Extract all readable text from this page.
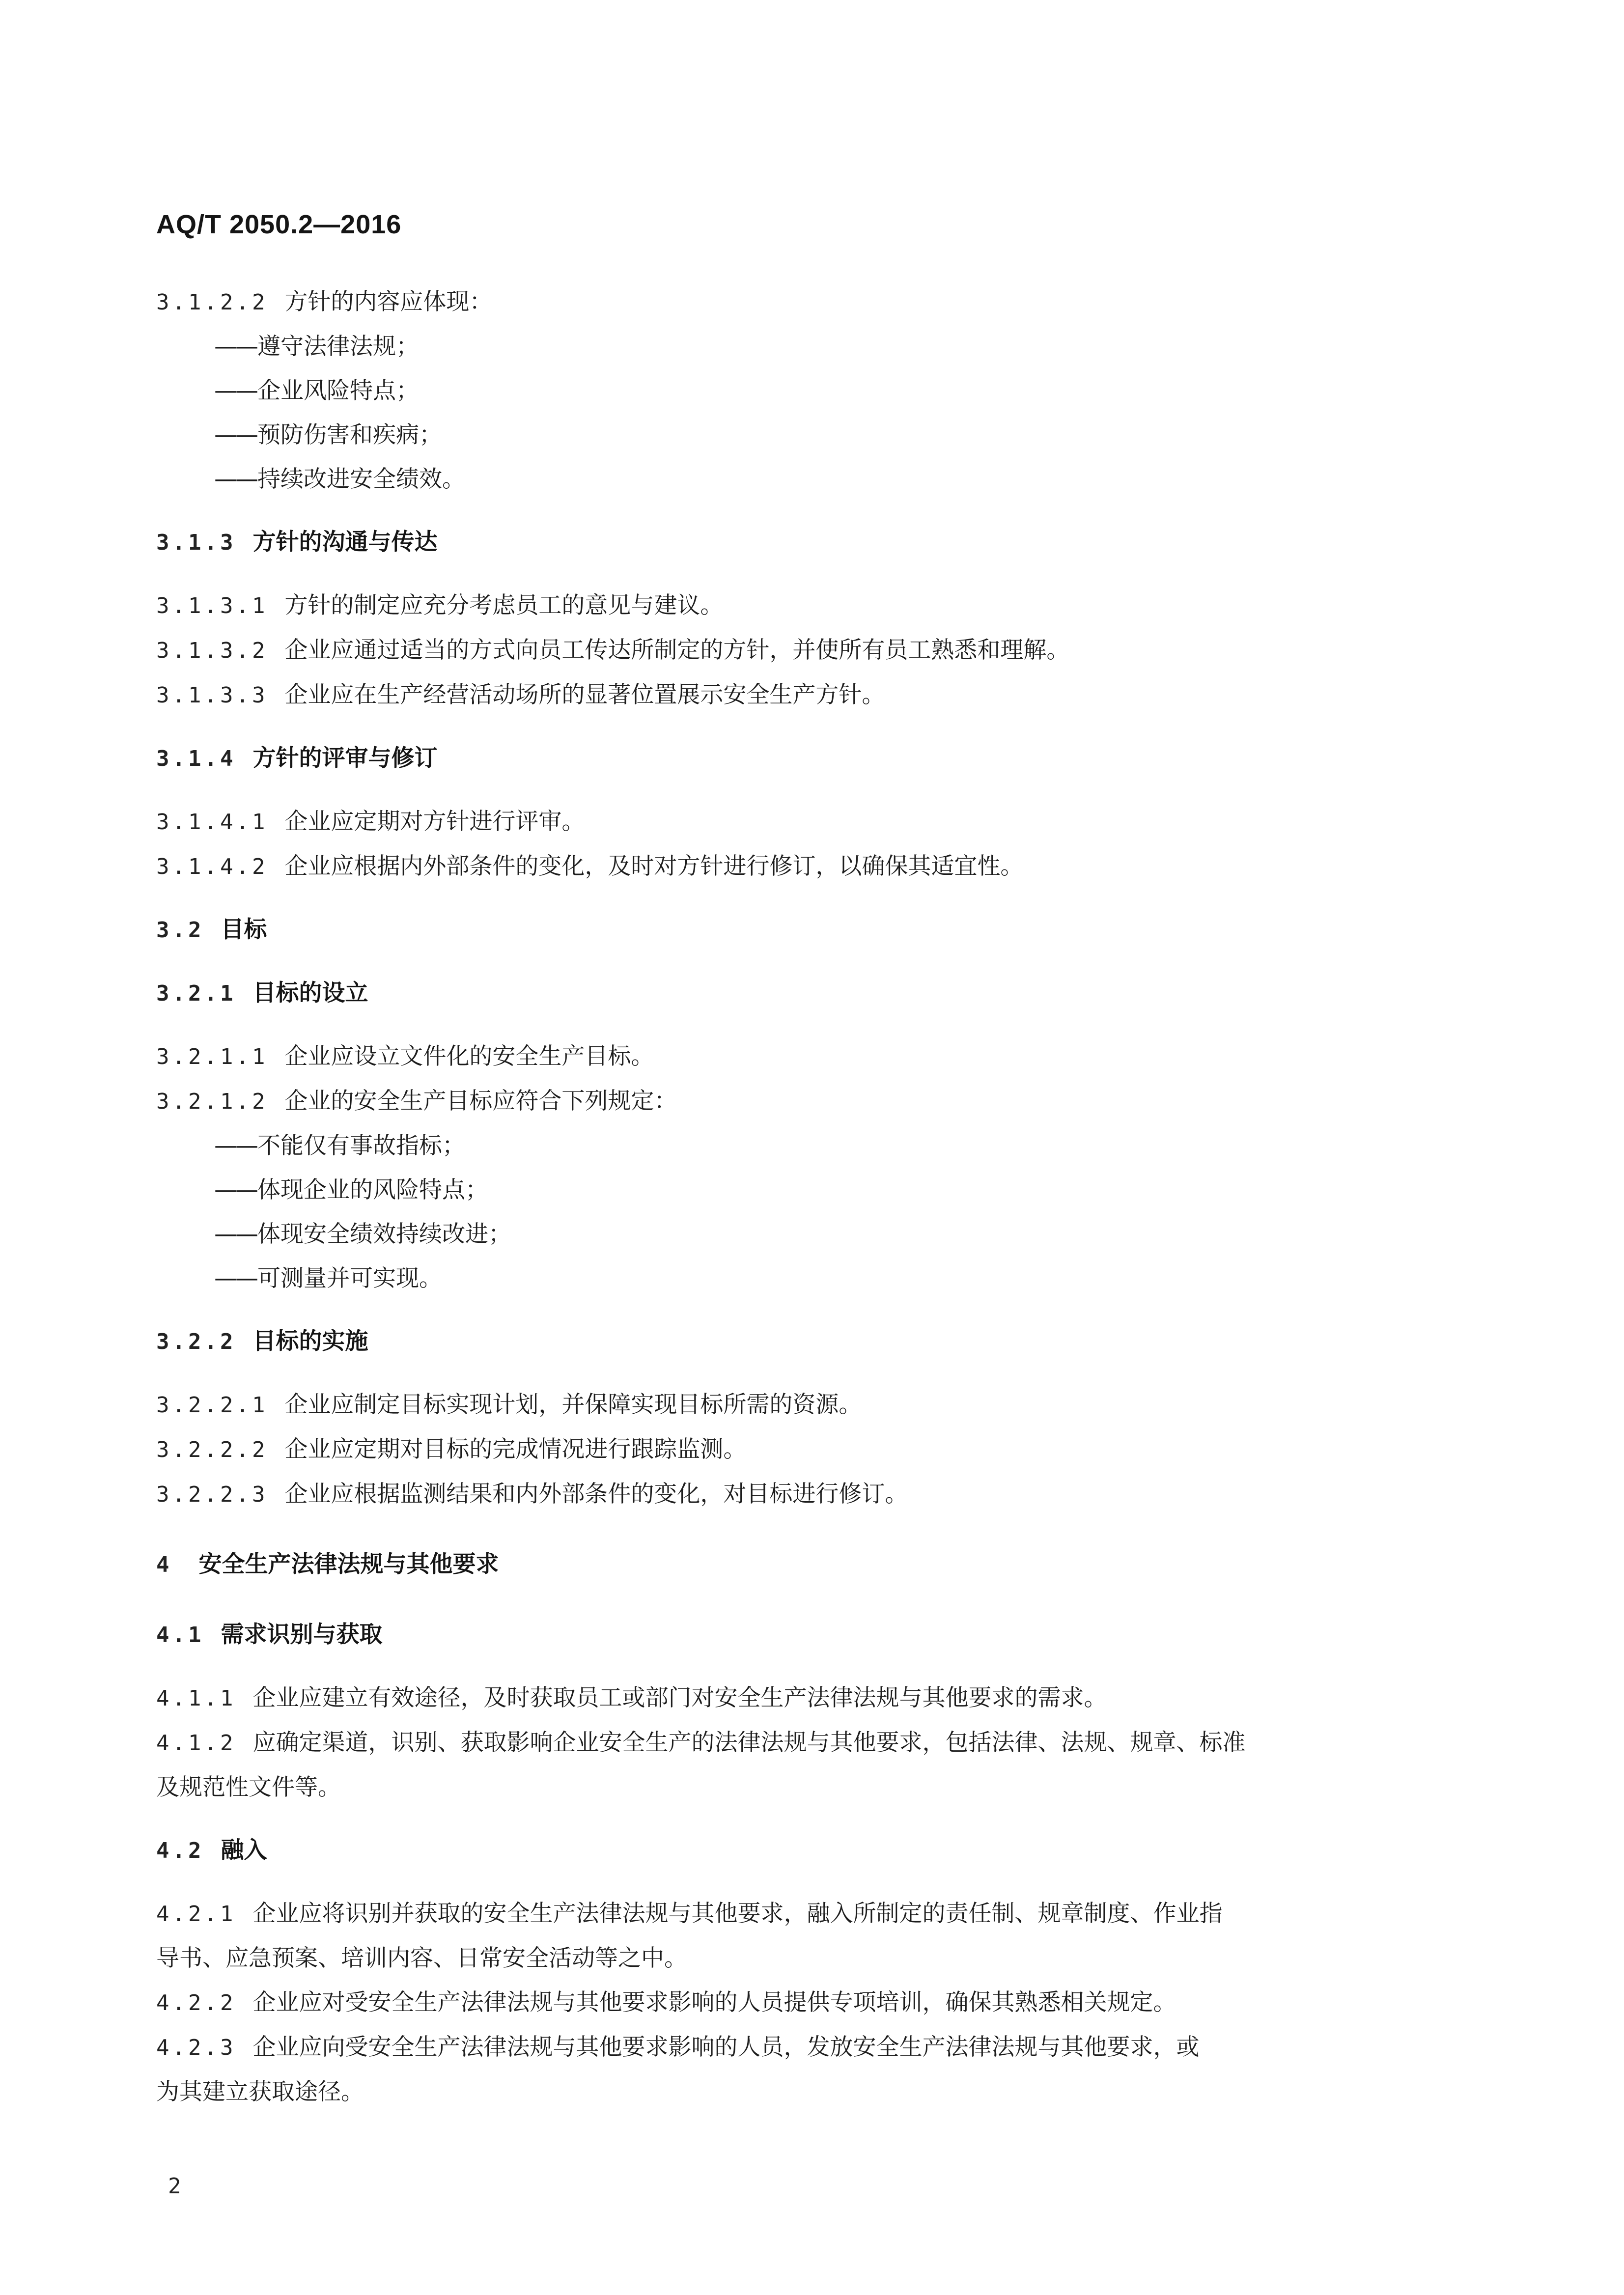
AQ/T 2050.2—2016

3.1.2.2 方针的内容应体现：

—— 遵守法律法规；

—— 企业风险特点；

—— 预防伤害和疾病；

—— 持续改进安全绩效。

3.1.3 方针的沟通与传达

3.1.3.1 方针的制定应充分考虑员工的意见与建议。

3.1.3.2 企业应通过适当的方式向员工传达所制定的方针，并使所有员工熟悉和理解。

3.1.3.3 企业应在生产经营活动场所的显著位置展示安全生产方针。

3.1.4 方针的评审与修订

3.1.4.1 企业应定期对方针进行评审。

3.1.4.2 企业应根据内外部条件的变化，及时对方针进行修订，以确保其适宜性。

3.2 目标

3.2.1 目标的设立

3.2.1.1 企业应设立文件化的安全生产目标。

3.2.1.2 企业的安全生产目标应符合下列规定：

—— 不能仅有事故指标；

—— 体现企业的风险特点；

—— 体现安全绩效持续改进；

—— 可测量并可实现。

3.2.2 目标的实施

3.2.2.1 企业应制定目标实现计划，并保障实现目标所需的资源。

3.2.2.2 企业应定期对目标的完成情况进行跟踪监测。

3.2.2.3 企业应根据监测结果和内外部条件的变化，对目标进行修订。

4 安全生产法律法规与其他要求

4.1 需求识别与获取

4.1.1 企业应建立有效途径，及时获取员工或部门对安全生产法律法规与其他要求的需求。

4.1.2 应确定渠道，识别、获取影响企业安全生产的法律法规与其他要求，包括法律、法规、规章、标准

及规范性文件等。

4.2 融入

4.2.1 企业应将识别并获取的安全生产法律法规与其他要求，融入所制定的责任制、规章制度、作业指

导书、应急预案、培训内容、日常安全活动等之中。

4.2.2 企业应对受安全生产法律法规与其他要求影响的人员提供专项培训，确保其熟悉相关规定。

4.2.3 企业应向受安全生产法律法规与其他要求影响的人员，发放安全生产法律法规与其他要求，或

为其建立获取途径。

2
